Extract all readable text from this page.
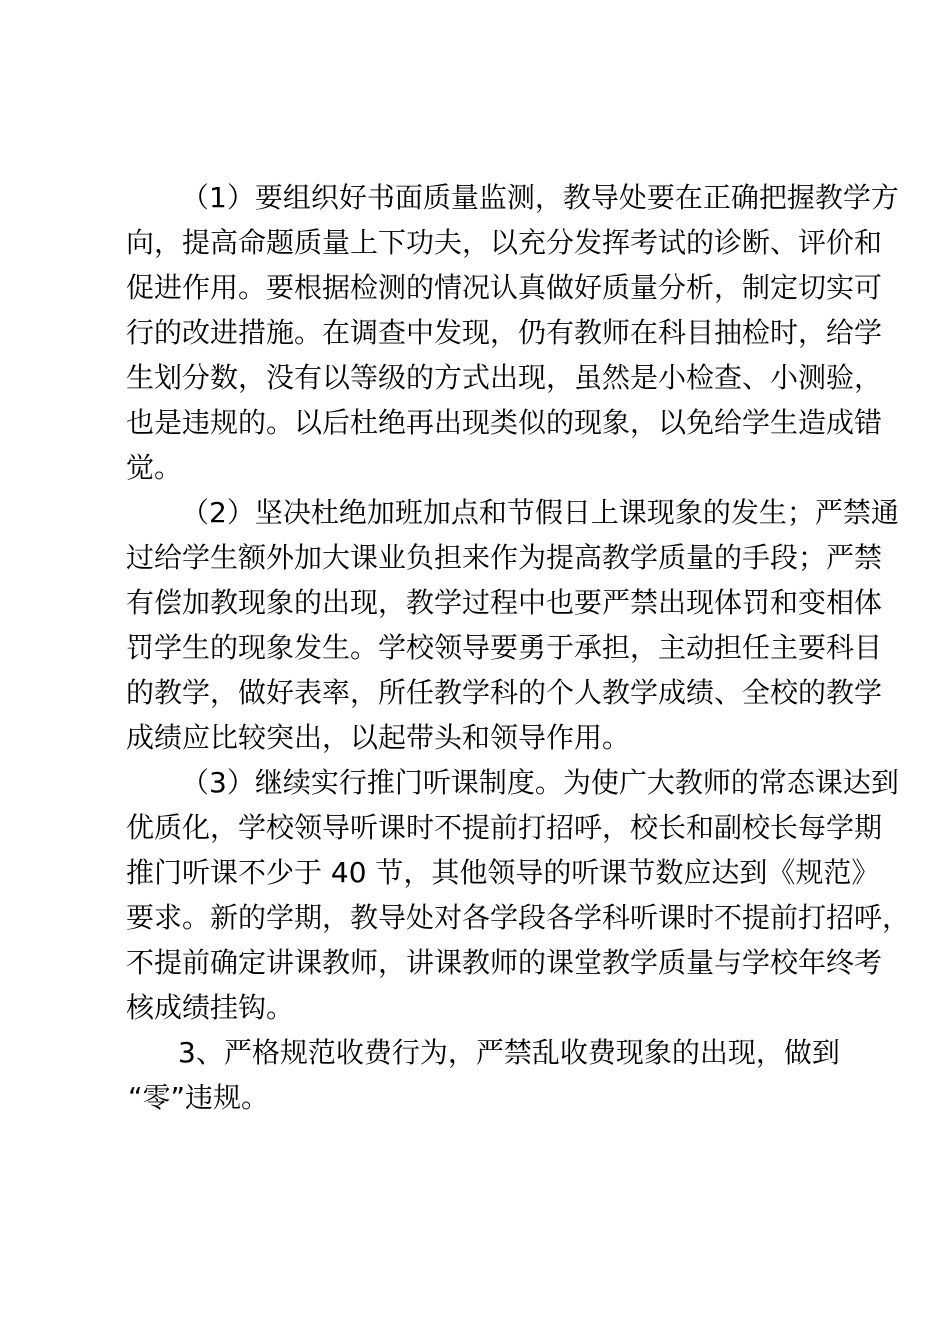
（1）要组织好书面质量监测，教导处要在正确把握教学方
向，提高命题质量上下功夫，以充分发挥考试的诊断、评价和
促进作用。要根据检测的情况认真做好质量分析，制定切实可
行的改进措施。在调查中发现，仍有教师在科目抽检时，给学
生划分数，没有以等级的方式出现，虽然是小检查、小测验，
也是违规的。以后杜绝再出现类似的现象，以免给学生造成错
觉。
（2）坚决杜绝加班加点和节假日上课现象的发生；严禁通
过给学生额外加大课业负担来作为提高教学质量的手段；严禁
有偿加教现象的出现，教学过程中也要严禁出现体罚和变相体
罚学生的现象发生。学校领导要勇于承担，主动担任主要科目
的教学，做好表率，所任教学科的个人教学成绩、全校的教学
成绩应比较突出，以起带头和领导作用。
（3）继续实行推门听课制度。为使广大教师的常态课达到
优质化，学校领导听课时不提前打招呼，校长和副校长每学期
推门听课不少于 40 节，其他领导的听课节数应达到《规范》
要求。新的学期，教导处对各学段各学科听课时不提前打招呼，
不提前确定讲课教师，讲课教师的课堂教学质量与学校年终考
核成绩挂钩。
3、严格规范收费行为，严禁乱收费现象的出现，做到
“零”违规。
